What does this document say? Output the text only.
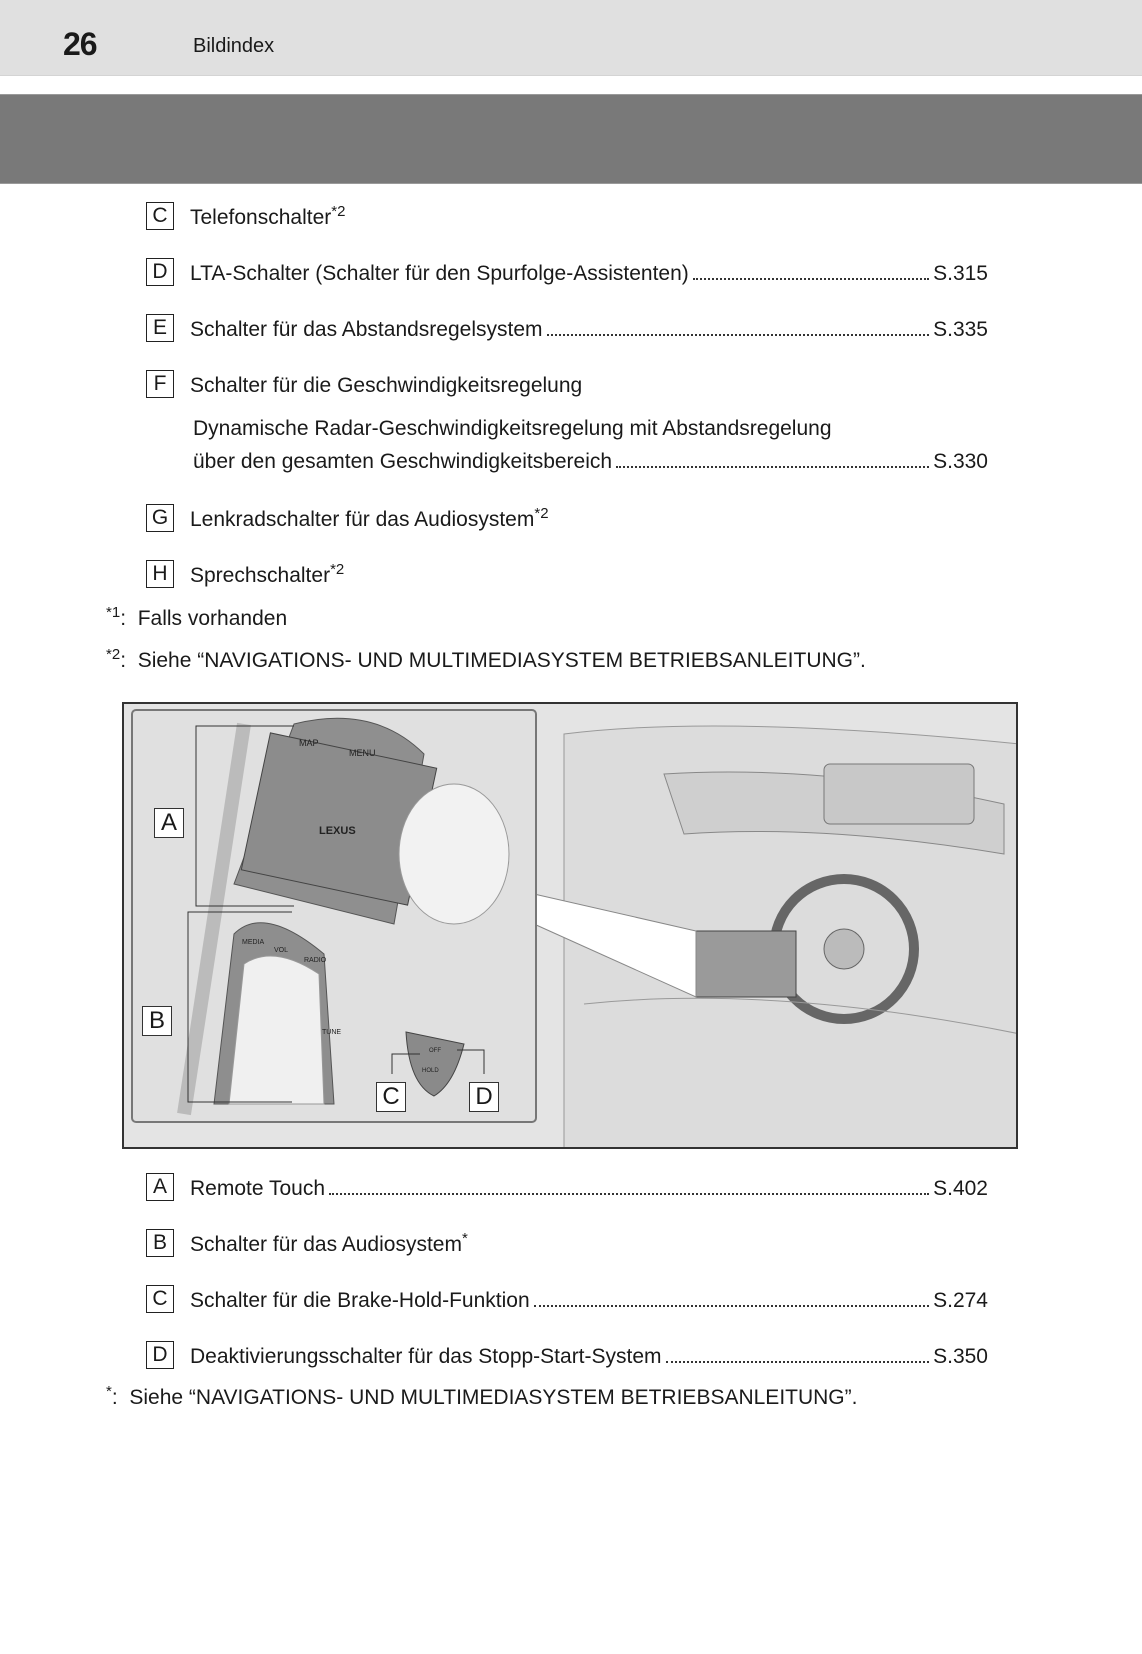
26	Bildindex
C	Telefonschalter$^{*2}$
D	LTA-Schalter (Schalter für den Spurfolge-Assistenten)	S.315
E	Schalter für das Abstandsregelsystem	S.335
F	Schalter für die Geschwindigkeitsregelung
Dynamische Radar-Geschwindigkeitsregelung mit Abstandsregelung
über den gesamten Geschwindigkeitsbereich	S.330
G Lenkradschalter für das Audiosystem$^{*2}$
H	Sprechschalter$^{*2}$
$^{*1}$:  Falls vorhanden
$^{*2}$:  Siehe “NAVIGATIONS- UND MULTIMEDIASYSTEM BETRIEBSANLEITUNG”.
MAP
MENU
LEXUS
MEDIA
VOL
RADIO
TUNE
OFF
HOLD
A
B
C	D
A	Remote Touch	S.402
B	Schalter für das Audiosystem*
C	Schalter für die Brake-Hold-Funktion	S.274
D	Deaktivierungsschalter für das Stopp-Start-System	S.350
*:  Siehe “NAVIGATIONS- UND MULTIMEDIASYSTEM BETRIEBSANLEITUNG”.
